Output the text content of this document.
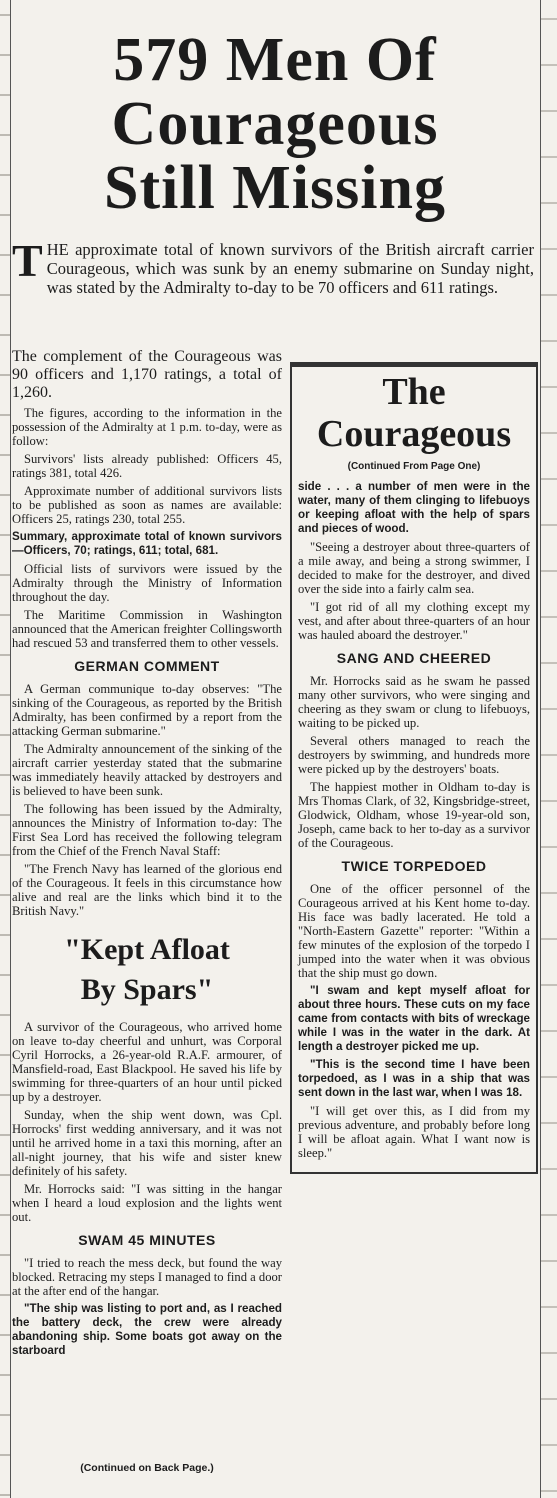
579 Men Of
Courageous
Still Missing
T HE approximate total of known survivors of the British aircraft carrier Courageous, which was sunk by an enemy submarine on Sunday night, was stated by the Admiralty to-day to be 70 officers and 611 ratings.

The complement of the Courageous was 90 officers and 1,170 ratings, a total of 1,260.

The figures, according to the information in the possession of the Admiralty at 1 p.m. to-day, were as follow:

Survivors' lists already published: Officers 45, ratings 381, total 426.

Approximate number of additional survivors lists to be published as soon as names are available: Officers 25, ratings 230, total 255.

Summary, approximate total of known survivors—Officers, 70; ratings, 611; total, 681.

Official lists of survivors were issued by the Admiralty through the Ministry of Information throughout the day.

The Maritime Commission in Washington announced that the American freighter Collingsworth had rescued 53 and transferred them to other vessels.

GERMAN COMMENT

A German communique to-day observes: "The sinking of the Courageous, as reported by the British Admiralty, has been confirmed by a report from the attacking German submarine."

The Admiralty announcement of the sinking of the aircraft carrier yesterday stated that the submarine was immediately heavily attacked by destroyers and is believed to have been sunk.

The following has been issued by the Admiralty, announces the Ministry of Information to-day: The First Sea Lord has received the following telegram from the Chief of the French Naval Staff:

"The French Navy has learned of the glorious end of the Courageous. It feels in this circumstance how alive and real are the links which bind it to the British Navy."

"Kept Afloat
By Spars"

A survivor of the Courageous, who arrived home on leave to-day cheerful and unhurt, was Corporal Cyril Horrocks, a 26-year-old R.A.F. armourer, of Mansfield-road, East Blackpool. He saved his life by swimming for three-quarters of an hour until picked up by a destroyer.

Sunday, when the ship went down, was Cpl. Horrocks' first wedding anniversary, and it was not until he arrived home in a taxi this morning, after an all-night journey, that his wife and sister knew definitely of his safety.

Mr. Horrocks said: "I was sitting in the hangar when I heard a loud explosion and the lights went out.

SWAM 45 MINUTES

"I tried to reach the mess deck, but found the way blocked. Retracing my steps I managed to find a door at the after end of the hangar.

"The ship was listing to port and, as I reached the battery deck, the crew were already abandoning ship. Some boats got away on the starboard

The
Courageous
(Continued From Page One)

side . . . a number of men were in the water, many of them clinging to lifebuoys or keeping afloat with the help of spars and pieces of wood.

"Seeing a destroyer about three-quarters of a mile away, and being a strong swimmer, I decided to make for the destroyer, and dived over the side into a fairly calm sea.

"I got rid of all my clothing except my vest, and after about three-quarters of an hour was hauled aboard the destroyer."

SANG AND CHEERED

Mr. Horrocks said as he swam he passed many other survivors, who were singing and cheering as they swam or clung to lifebuoys, waiting to be picked up.

Several others managed to reach the destroyers by swimming, and hundreds more were picked up by the destroyers' boats.

The happiest mother in Oldham to-day is Mrs Thomas Clark, of 32, Kingsbridge-street, Glodwick, Oldham, whose 19-year-old son, Joseph, came back to her to-day as a survivor of the Courageous.

TWICE TORPEDOED

One of the officer personnel of the Courageous arrived at his Kent home to-day. His face was badly lacerated. He told a "North-Eastern Gazette" reporter: "Within a few minutes of the explosion of the torpedo I jumped into the water when it was obvious that the ship must go down.

"I swam and kept myself afloat for about three hours. These cuts on my face came from contacts with bits of wreckage while I was in the water in the dark. At length a destroyer picked me up.

"This is the second time I have been torpedoed, as I was in a ship that was sent down in the last war, when I was 18.

"I will get over this, as I did from my previous adventure, and probably before long I will be afloat again. What I want now is sleep."

(Continued on Back Page.)
